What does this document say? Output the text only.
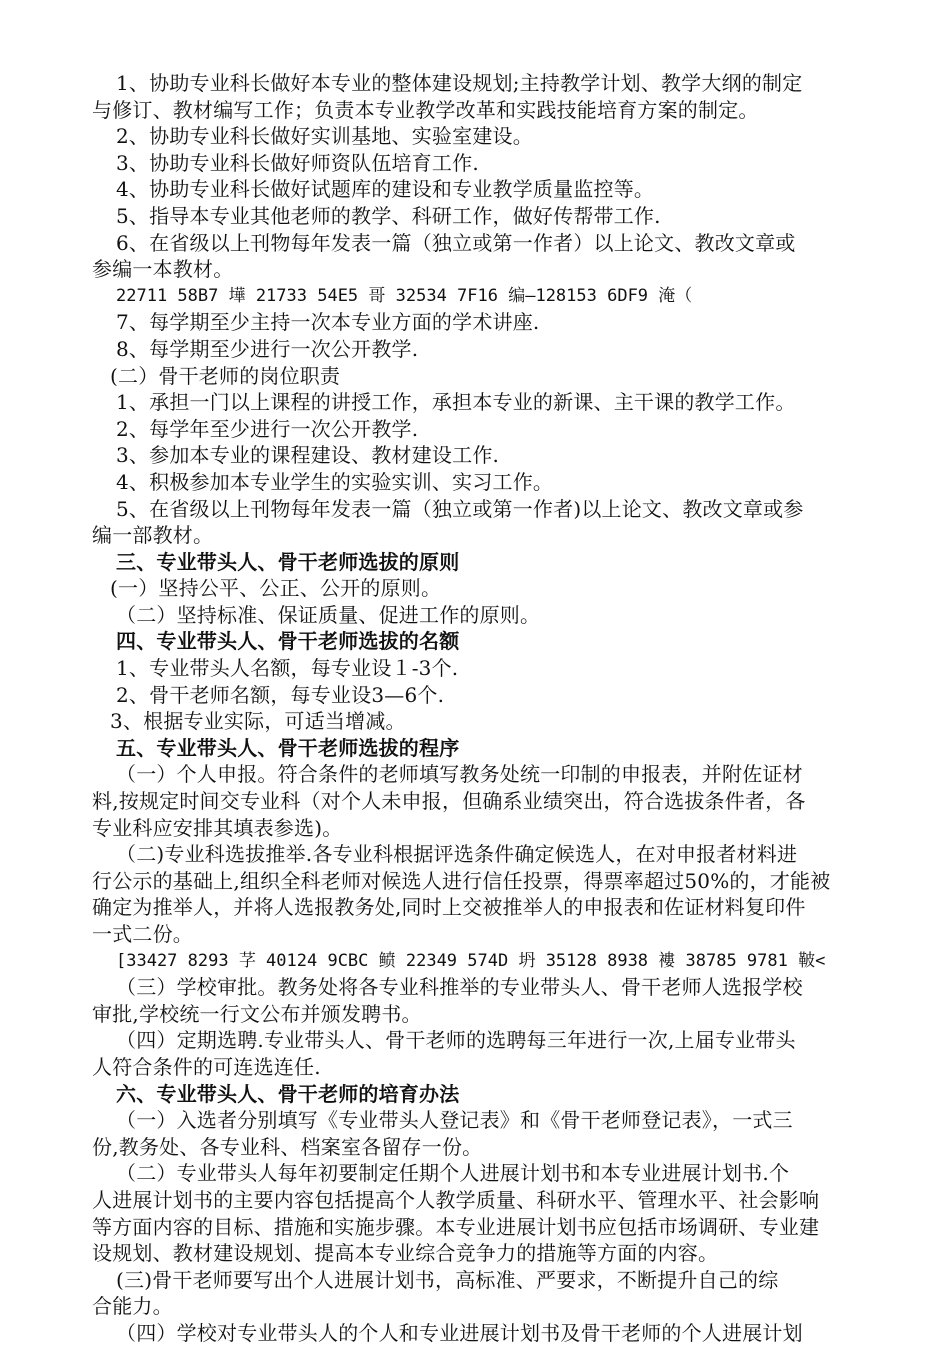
1、协助专业科长做好本专业的整体建设规划;主持教学计划、教学大纲的制定
与修订、教材编写工作；负责本专业教学改革和实践技能培育方案的制定。
2、协助专业科长做好实训基地、实验室建设。
3、协助专业科长做好师资队伍培育工作.
4、协助专业科长做好试题库的建设和专业教学质量监控等。
5、指导本专业其他老师的教学、科研工作，做好传帮带工作.
6、在省级以上刊物每年发表一篇（独立或第一作者）以上论文、教改文章或
参编一本教材。
22711 58B7 墷 21733 54E5 哥 32534 7F16 编—128153 6DF9 淹（
7、每学期至少主持一次本专业方面的学术讲座.
8、每学期至少进行一次公开教学.
(二）骨干老师的岗位职责
1、承担一门以上课程的讲授工作，承担本专业的新课、主干课的教学工作。
2、每学年至少进行一次公开教学.
3、参加本专业的课程建设、教材建设工作.
4、积极参加本专业学生的实验实训、实习工作。
5、在省级以上刊物每年发表一篇（独立或第一作者)以上论文、教改文章或参
编一部教材。
三、专业带头人、骨干老师选拔的原则
(一）坚持公平、公正、公开的原则。
（二）坚持标准、保证质量、促进工作的原则。
四、专业带头人、骨干老师选拔的名额
1、专业带头人名额，每专业设１-3个.
2、骨干老师名额，每专业设3—6个.
3、根据专业实际，可适当增减。
五、专业带头人、骨干老师选拔的程序
（一）个人申报。符合条件的老师填写教务处统一印制的申报表，并附佐证材
料,按规定时间交专业科（对个人未申报，但确系业绩突出，符合选拔条件者，各
专业科应安排其填表参选)。
（二)专业科选拔推举.各专业科根据评选条件确定候选人，在对申报者材料进
行公示的基础上,组织全科老师对候选人进行信任投票，得票率超过50%的，才能被
确定为推举人，并将人选报教务处,同时上交被推举人的申报表和佐证材料复印件
一式二份。
[33427 8293 芓 40124 9CBC 鲼 22349 574D 坍 35128 8938 褸 38785 9781 鞁<
（三）学校审批。教务处将各专业科推举的专业带头人、骨干老师人选报学校
审批,学校统一行文公布并颁发聘书。
（四）定期选聘.专业带头人、骨干老师的选聘每三年进行一次,上届专业带头
人符合条件的可连选连任.
六、专业带头人、骨干老师的培育办法
（一）入选者分别填写《专业带头人登记表》和《骨干老师登记表》，一式三
份,教务处、各专业科、档案室各留存一份。
（二）专业带头人每年初要制定任期个人进展计划书和本专业进展计划书.个
人进展计划书的主要内容包括提高个人教学质量、科研水平、管理水平、社会影响
等方面内容的目标、措施和实施步骤。本专业进展计划书应包括市场调研、专业建
设规划、教材建设规划、提高本专业综合竞争力的措施等方面的内容。
(三)骨干老师要写出个人进展计划书，高标准、严要求，不断提升自己的综
合能力。
（四）学校对专业带头人的个人和专业进展计划书及骨干老师的个人进展计划
